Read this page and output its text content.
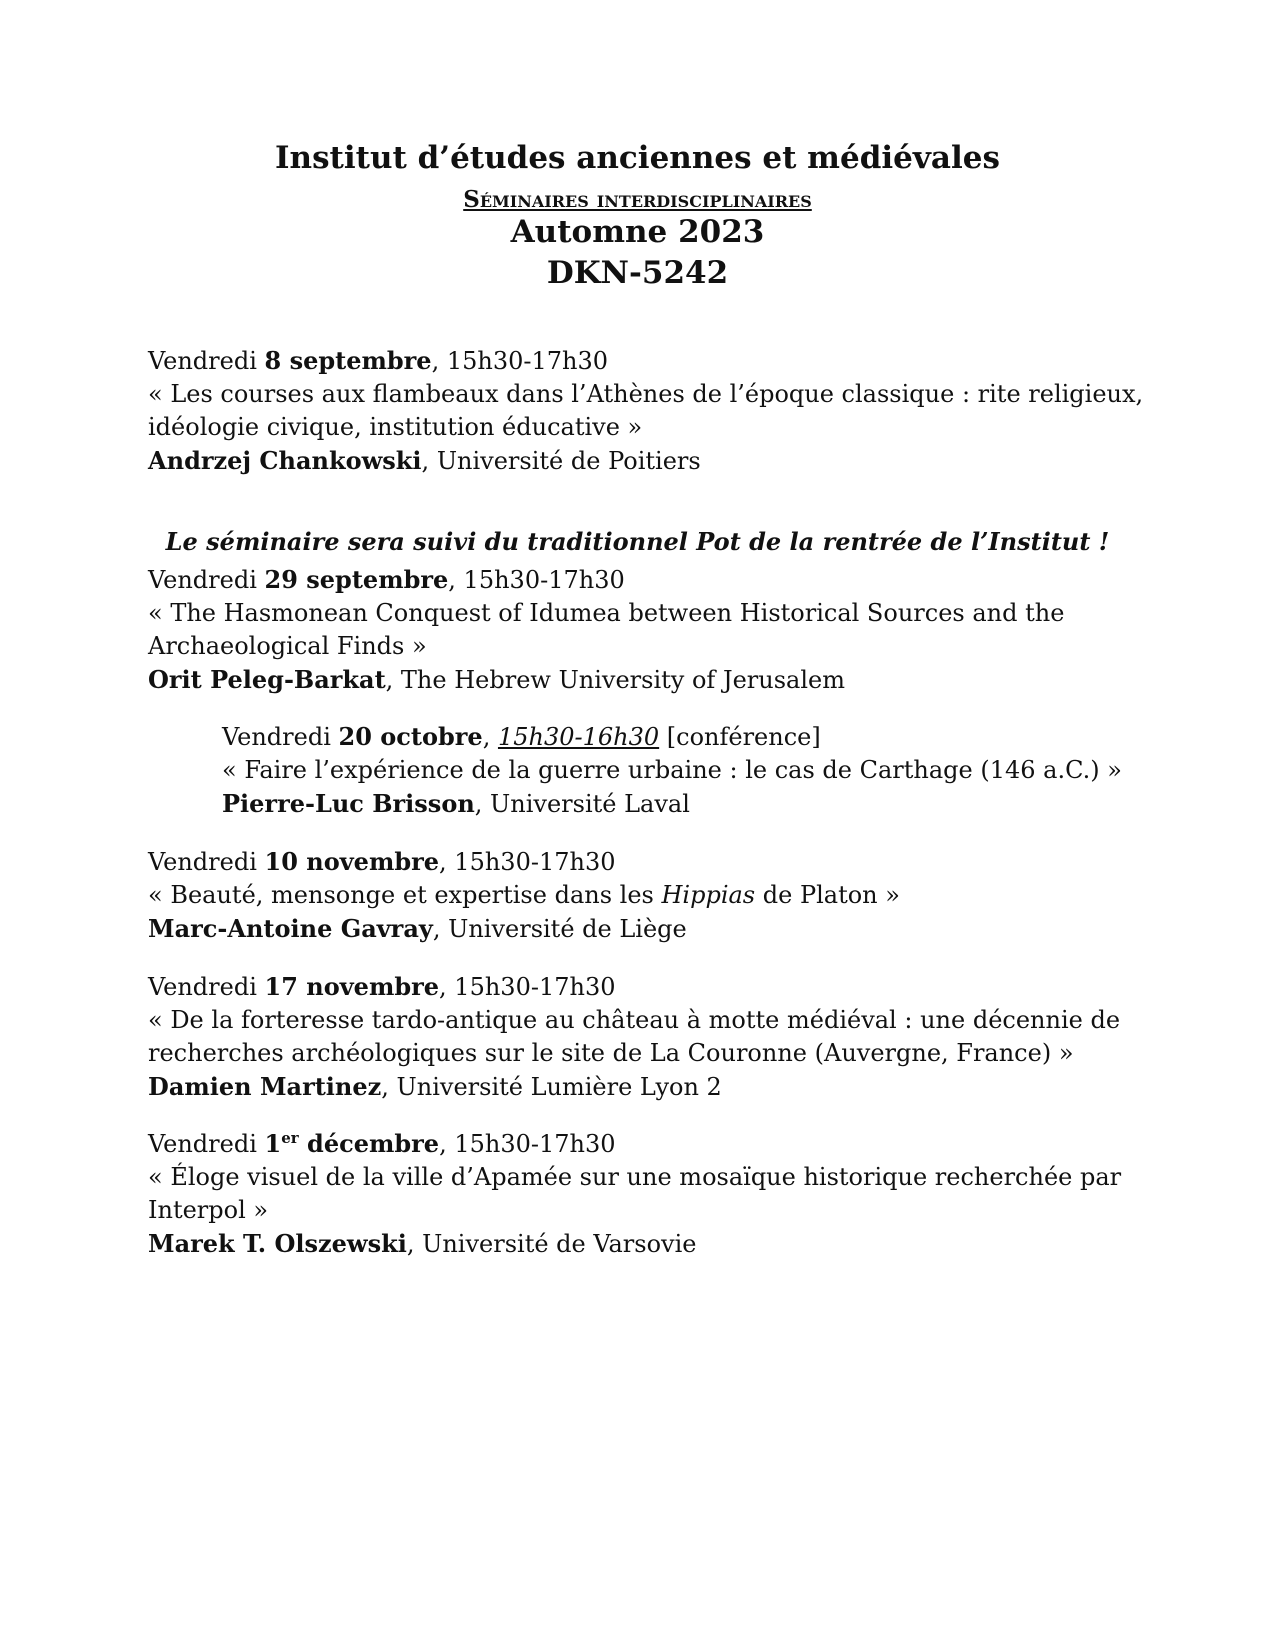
Institut d’études anciennes et médiévales
Séminaires interdisciplinaires
Automne 2023
DKN-5242
Vendredi 8 septembre, 15h30-17h30
« Les courses aux flambeaux dans l’Athènes de l’époque classique : rite religieux,
idéologie civique, institution éducative »
Andrzej Chankowski, Université de Poitiers
Le séminaire sera suivi du traditionnel Pot de la rentrée de l’Institut !
Vendredi 29 septembre, 15h30-17h30
« The Hasmonean Conquest of Idumea between Historical Sources and the
Archaeological Finds »
Orit Peleg-Barkat, The Hebrew University of Jerusalem
Vendredi 20 octobre, 15h30-16h30 [conférence]
« Faire l’expérience de la guerre urbaine : le cas de Carthage (146 a.C.) »
Pierre-Luc Brisson, Université Laval
Vendredi 10 novembre, 15h30-17h30
« Beauté, mensonge et expertise dans les Hippias de Platon »
Marc-Antoine Gavray, Université de Liège
Vendredi 17 novembre, 15h30-17h30
« De la forteresse tardo-antique au château à motte médiéval : une décennie de
recherches archéologiques sur le site de La Couronne (Auvergne, France) »
Damien Martinez, Université Lumière Lyon 2
Vendredi 1er décembre, 15h30-17h30
« Éloge visuel de la ville d’Apamée sur une mosaïque historique recherchée par
Interpol »
Marek T. Olszewski, Université de Varsovie
